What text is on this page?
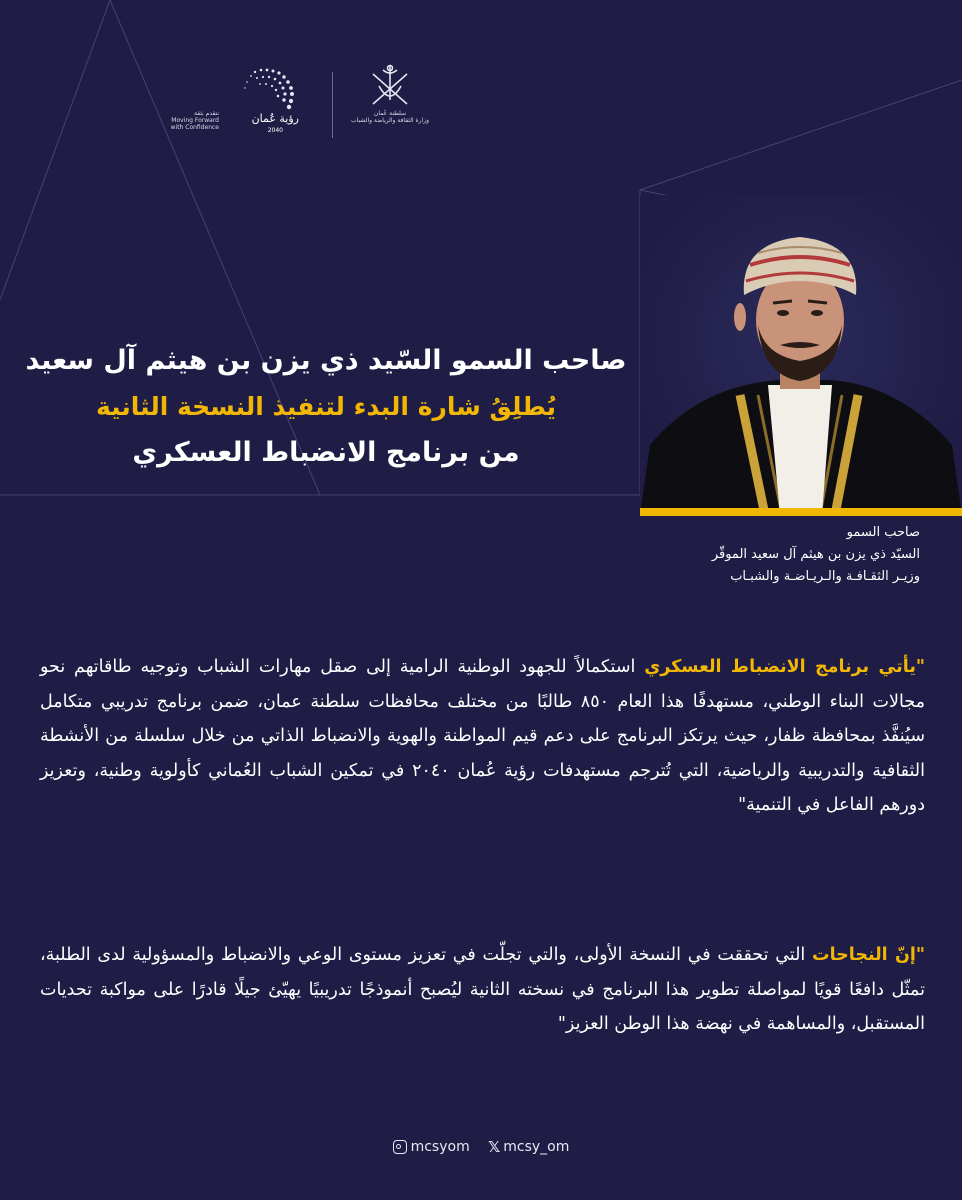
رؤية عُمان
2040
نتقدم بثقة
Moving Forward
with Confidence
سلطنة عُمان
وزارة الثقافة والرياضة والشباب
صاحب السمو السّيد ذي يزن بن هيثم آل سعيد
يُطلِقُ شارة البدء لتنفيذ النسخة الثانية
من برنامج الانضباط العسكري
صاحب السمو
السيّد ذي يزن بن هيثم آل سعيد الموقّر
وزيـر الثقـافـة والـريـاضـة والشبـاب
"يأتي برنامج الانضباط العسكري استكمالاً للجهود الوطنية الرامية إلى صقل مهارات الشباب وتوجيه طاقاتهم نحو مجالات البناء الوطني، مستهدفًا هذا العام ٨٥٠ طالبًا من مختلف محافظات سلطنة عمان، ضمن برنامج تدريبي متكامل سيُنفَّذ بمحافظة ظفار، حيث يرتكز البرنامج على دعم قيم المواطنة والهوية والانضباط الذاتي من خلال سلسلة من الأنشطة الثقافية والتدريبية والرياضية، التي تُترجم مستهدفات رؤية عُمان ٢٠٤٠ في تمكين الشباب العُماني كأولوية وطنية، وتعزيز دورهم الفاعل في التنمية"
"إنّ النجاحات التي تحققت في النسخة الأولى، والتي تجلّت في تعزيز مستوى الوعي والانضباط والمسؤولية لدى الطلبة، تمثّل دافعًا قويًا لمواصلة تطوير هذا البرنامج في نسخته الثانية ليُصبح أنموذجًا تدريبيًا يهيّئ جيلًا قادرًا على مواكبة تحديات المستقبل، والمساهمة في نهضة هذا الوطن العزيز"
mcsyom 𝕏 mcsy_om
